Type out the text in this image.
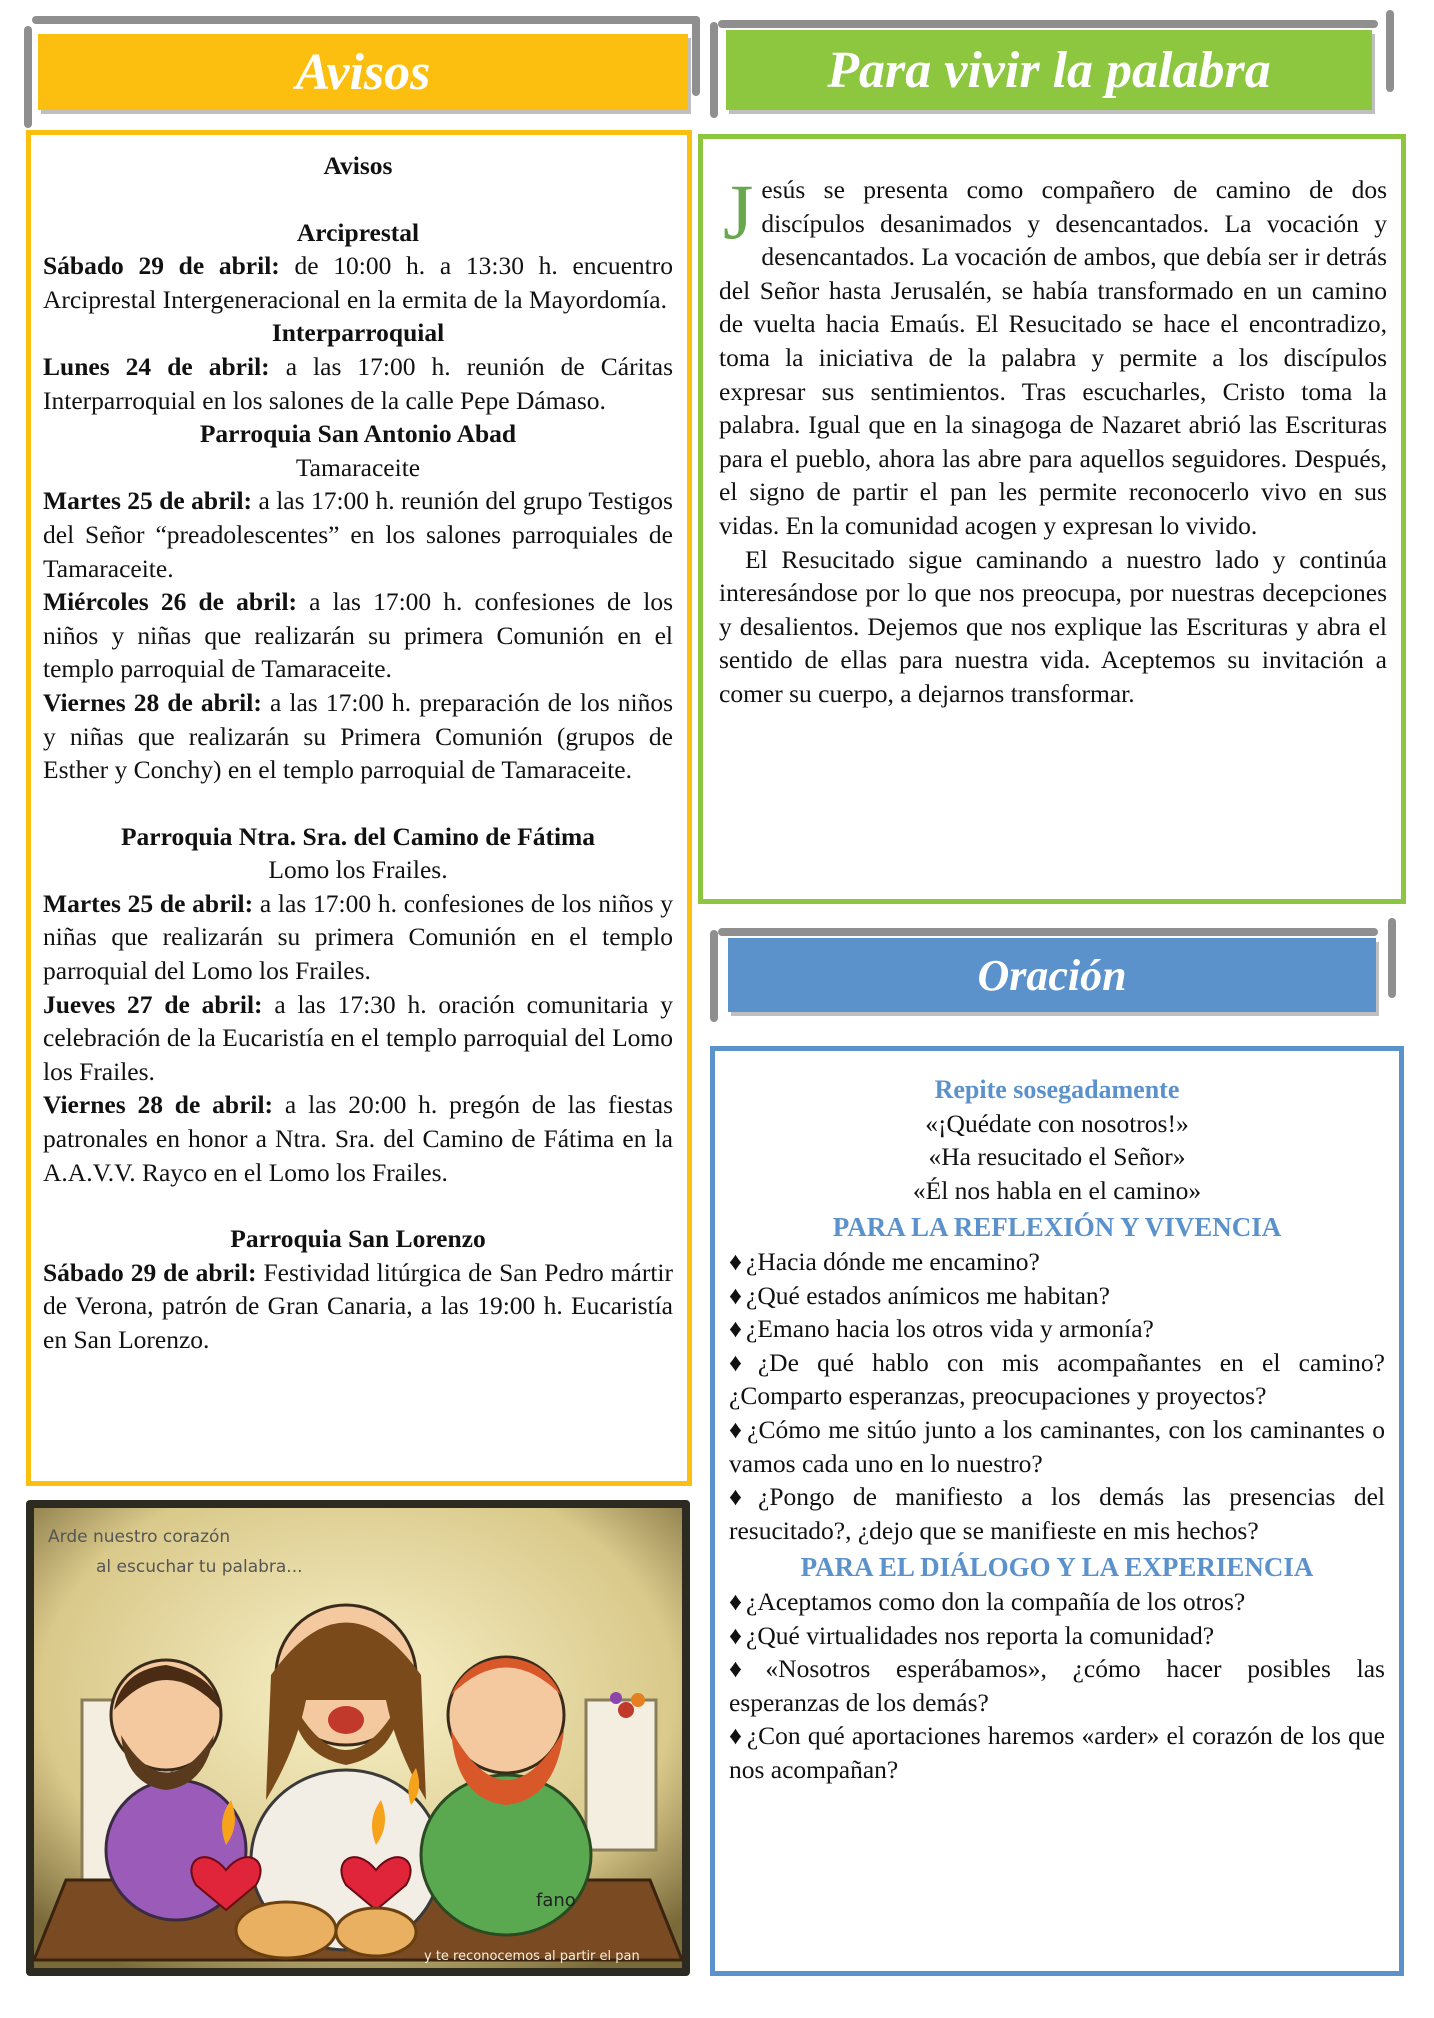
Avisos	Para vivir la palabra
Oración

Avisos

Arciprestal

Sábado 29 de abril: de 10:00 h. a 13:30 h. encuentro Arciprestal Intergeneracional en la ermita de la Mayordomía.

Interparroquial

Lunes 24 de abril: a las 17:00 h. reunión de Cáritas Interparroquial en los salones de la calle Pepe Dámaso.

Parroquia San Antonio Abad

Tamaraceite

Martes 25 de abril: a las 17:00 h. reunión del grupo Testigos del Señor “preadolescentes” en los salones parroquiales de Tamaraceite.

Miércoles 26 de abril: a las 17:00 h. confesiones de los niños y niñas que realizarán su primera Comunión en el templo parroquial de Tamaraceite.

Viernes 28 de abril: a las 17:00 h. preparación de los niños y niñas que realizarán su Primera Comunión (grupos de Esther y Conchy) en el templo parroquial de Tamaraceite.

Parroquia Ntra. Sra. del Camino de Fátima

Lomo los Frailes.

Martes 25 de abril: a las 17:00 h. confesiones de los niños y niñas que realizarán su primera Comunión en el templo parroquial del Lomo los Frailes.

Jueves 27 de abril: a las 17:30 h. oración comunitaria y celebración de la Eucaristía en el templo parroquial del Lomo los Frailes.

Viernes 28 de abril: a las 20:00 h. pregón de las fiestas patronales en honor a Ntra. Sra. del Camino de Fátima en la A.A.V.V. Rayco en el Lomo los Frailes.

Parroquia San Lorenzo

Sábado 29 de abril: Festividad litúrgica de San Pedro mártir de Verona, patrón de Gran Canaria, a las 19:00 h. Eucaristía en San Lorenzo.

Arde nuestro corazón
al escuchar tu palabra...
fano
y te reconocemos al partir el pan

Jesús se presenta como compañero de camino de dos discípulos desanimados y desencantados. La vocación y desencantados. La vocación de ambos, que debía ser ir detrás del Señor hasta Jerusalén, se había transformado en un camino de vuelta hacia Emaús. El Resucitado se hace el encontradizo, toma la iniciativa de la palabra y permite a los discípulos expresar sus sentimientos. Tras escucharles, Cristo toma la palabra. Igual que en la sinagoga de Nazaret abrió las Escrituras para el pueblo, ahora las abre para aquellos seguidores. Después, el signo de partir el pan les permite reconocerlo vivo en sus vidas. En la comunidad acogen y expresan lo vivido.

El Resucitado sigue caminando a nuestro lado y continúa interesándose por lo que nos preocupa, por nuestras decepciones y desalientos. Dejemos que nos explique las Escrituras y abra el sentido de ellas para nuestra vida. Aceptemos su invitación a comer su cuerpo, a dejarnos transformar.

Repite sosegadamente

«¡Quédate con nosotros!»

«Ha resucitado el Señor»

«Él nos habla en el camino»

PARA LA REFLEXIÓN Y VIVENCIA

♦ ¿Hacia dónde me encamino?

♦ ¿Qué estados anímicos me habitan?

♦ ¿Emano hacia los otros vida y armonía?

♦ ¿De qué hablo con mis acompañantes en el camino? ¿Comparto esperanzas, preocupaciones y proyectos?

♦ ¿Cómo me sitúo junto a los caminantes, con los caminantes o vamos cada uno en lo nuestro?

♦ ¿Pongo de manifiesto a los demás las presencias del resucitado?, ¿dejo que se manifieste en mis hechos?

PARA EL DIÁLOGO Y LA EXPERIENCIA

♦ ¿Aceptamos como don la compañía de los otros?

♦ ¿Qué virtualidades nos reporta la comunidad?

♦ «Nosotros esperábamos», ¿cómo hacer posibles las esperanzas de los demás?

♦ ¿Con qué aportaciones haremos «arder» el corazón de los que nos acompañan?
